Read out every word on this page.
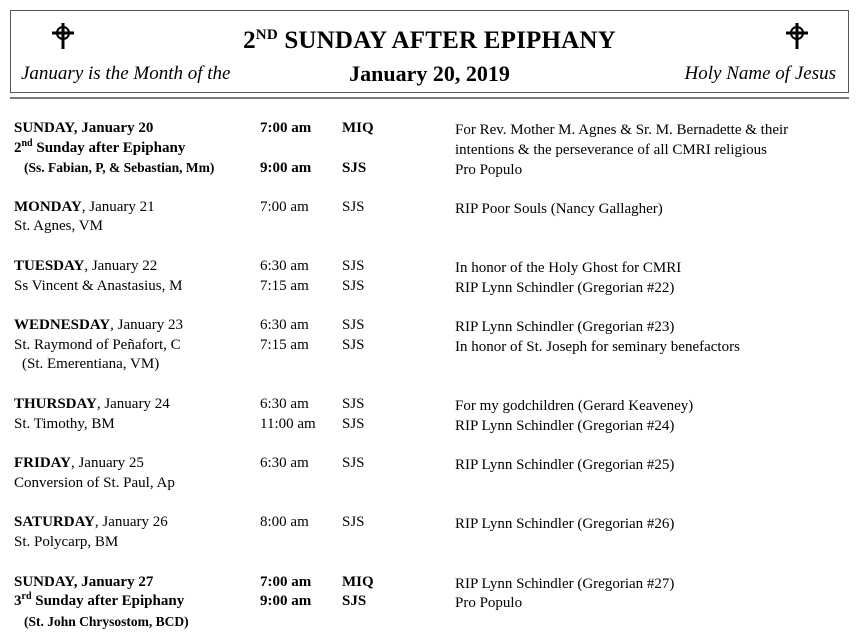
2ND SUNDAY AFTER EPIPHANY
January is the Month of the	January 20, 2019	Holy Name of Jesus
SUNDAY, January 20
2nd Sunday after Epiphany
(Ss. Fabian, P, & Sebastian, Mm)
7:00 am MIQ	For Rev. Mother M. Agnes & Sr. M. Bernadette & their
intentions & the perseverance of all CMRI religious
9:00 am SJS	Pro Populo
MONDAY, January 21
St. Agnes, VM
7:00 am SJS	RIP Poor Souls (Nancy Gallagher)
TUESDAY, January 22
Ss Vincent & Anastasius, M
6:30 am SJS	In honor of the Holy Ghost for CMRI
7:15 am SJS	RIP Lynn Schindler (Gregorian #22)
WEDNESDAY, January 23
St. Raymond of Peñafort, C
(St. Emerentiana, VM)
6:30 am SJS	RIP Lynn Schindler (Gregorian #23)
7:15 am SJS	In honor of St. Joseph for seminary benefactors
THURSDAY, January 24
St. Timothy, BM
6:30 am SJS	For my godchildren (Gerard Keaveney)
11:00 am SJS	RIP Lynn Schindler (Gregorian #24)
FRIDAY, January 25
Conversion of St. Paul, Ap
6:30 am SJS	RIP Lynn Schindler (Gregorian #25)
SATURDAY, January 26
St. Polycarp, BM
8:00 am SJS	RIP Lynn Schindler (Gregorian #26)
SUNDAY, January 27
3rd Sunday after Epiphany
(St. John Chrysostom, BCD)
7:00 am MIQ	RIP Lynn Schindler (Gregorian #27)
9:00 am SJS	Pro Populo
